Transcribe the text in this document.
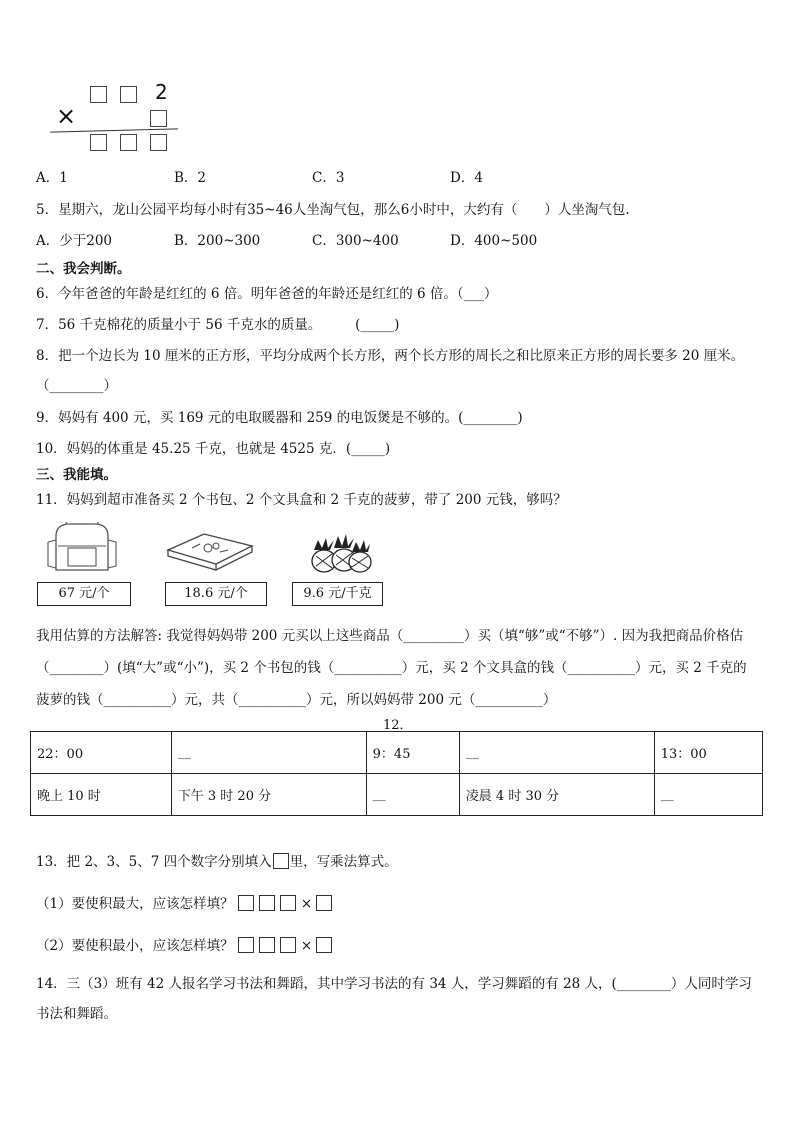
2
×
A．1	B．2	C．3	D．4
5．星期六，龙山公园平均每小时有35~46人坐淘气包，那么6小时中，大约有（　　）人坐淘气包.
A．少于200	B．200~300	C．300~400	D．400~500
二、我会判断。
6．今年爸爸的年龄是红红的 6 倍。明年爸爸的年龄还是红红的 6 倍。（___）
7．56 千克棉花的质量小于 56 千克水的质量。　　　(_____)
8．把一个边长为 10 厘米的正方形，平均分成两个长方形，两个长方形的周长之和比原来正方形的周长要多 20 厘米。
（________）
9．妈妈有 400 元，买 169 元的电取暖器和 259 的电饭煲是不够的。(________)
10．妈妈的体重是 45.25 千克，也就是 4525 克．(_____)
三、我能填。
11．妈妈到超市准备买 2 个书包、2 个文具盒和 2 千克的菠萝，带了 200 元钱，够吗？
67 元/个	18.6 元/个	9.6 元/千克
我用估算的方法解答: 我觉得妈妈带 200 元买以上这些商品（_________）买（填“够”或“不够”）. 因为我把商品价格估
（________）(填“大”或“小”)，买 2 个书包的钱（__________）元，买 2 个文具盒的钱（__________）元，买 2 千克的
菠萝的钱（__________）元，共（__________）元，所以妈妈带 200 元（__________）
12．
22：00	__	9：45	__	13：00
晚上 10 时	下午 3 时 20 分	__	凌晨 4 时 30 分	__
13．把 2、3、5、7 四个数字分别填入 里，写乘法算式。
（1）要使积最大，应该怎样填？	×
（2）要使积最小，应该怎样填？	×
14．三（3）班有 42 人报名学习书法和舞蹈，其中学习书法的有 34 人，学习舞蹈的有 28 人，(________）人同时学习
书法和舞蹈。
